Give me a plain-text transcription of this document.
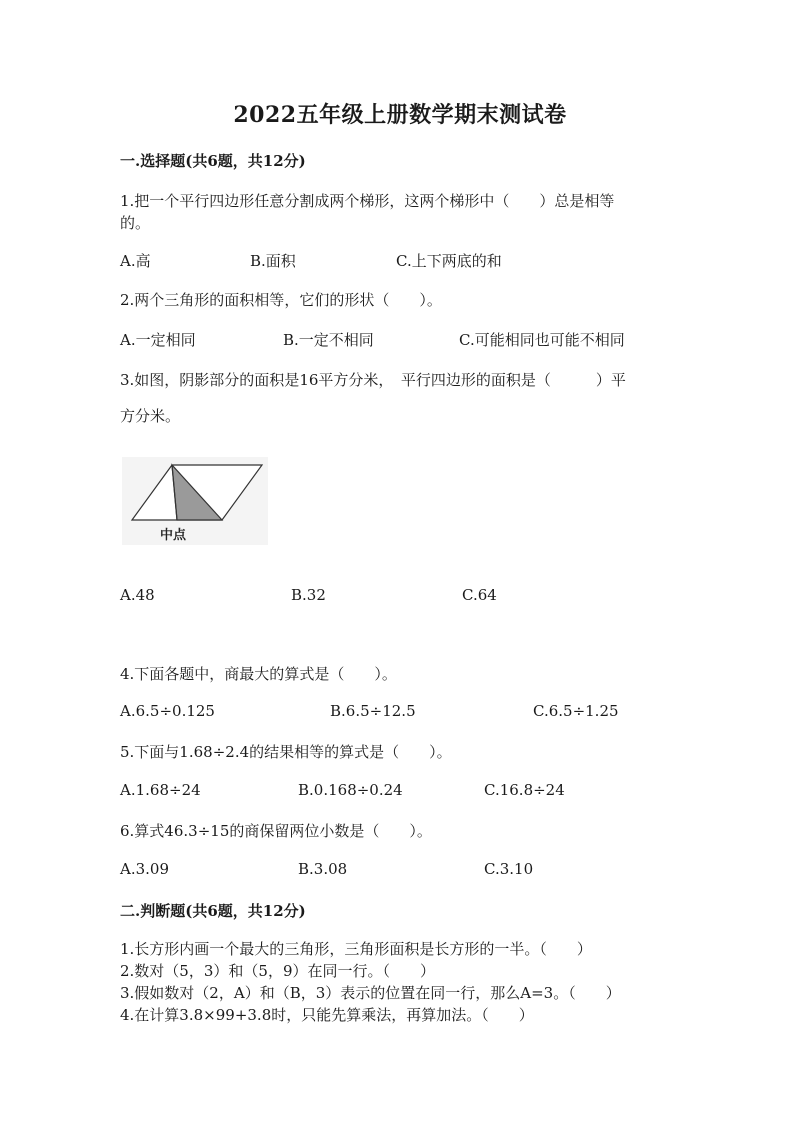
2022五年级上册数学期末测试卷
一.选择题(共6题，共12分)
1.把一个平行四边形任意分割成两个梯形，这两个梯形中（　　）总是相等
的。
A.高	B.面积	C.上下两底的和
2.两个三角形的面积相等，它们的形状（　　）。
A.一定相同	B.一定不相同	C.可能相同也可能不相同
3.如图，阴影部分的面积是16平方分米，　平行四边形的面积是（　　　）平
方分米。
中点
A.48	B.32	C.64
4.下面各题中，商最大的算式是（　　）。
A.6.5÷0.125	B.6.5÷12.5	C.6.5÷1.25
5.下面与1.68÷2.4的结果相等的算式是（　　）。
A.1.68÷24	B.0.168÷0.24	C.16.8÷24
6.算式46.3÷15的商保留两位小数是（　　）。
A.3.09	B.3.08	C.3.10
二.判断题(共6题，共12分)
1.长方形内画一个最大的三角形，三角形面积是长方形的一半。（　　）
2.数对（5，3）和（5，9）在同一行。（　　）
3.假如数对（2，A）和（B，3）表示的位置在同一行，那么A=3。（　　）
4.在计算3.8×99+3.8时，只能先算乘法，再算加法。（　　）
